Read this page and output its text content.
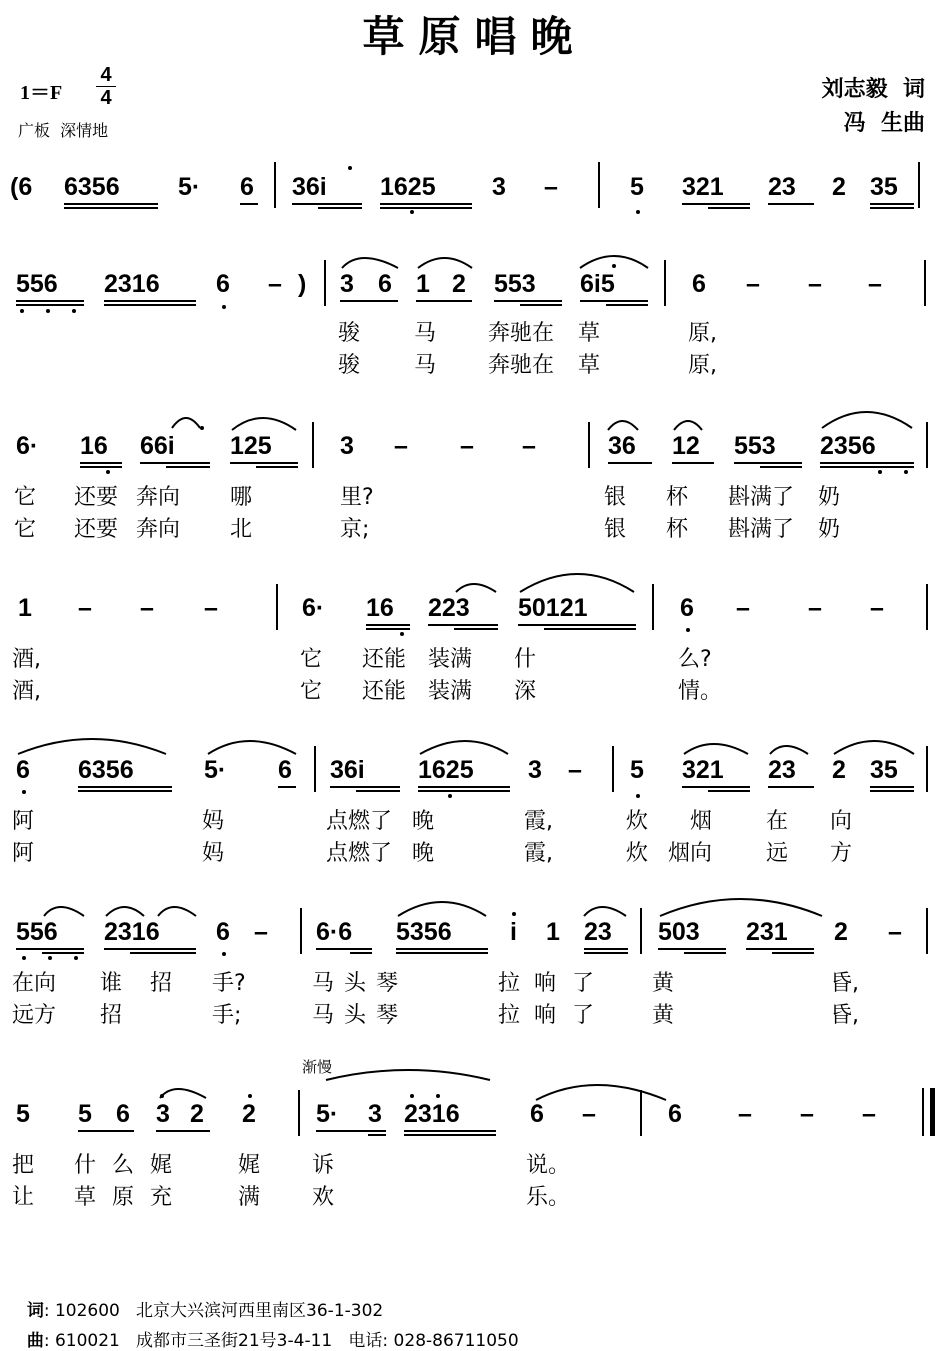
草原唱晚
1＝F
4
4
广板  深情地
刘志毅  词
冯  生曲
(6 6356 5· 6 36i 1625 3 –	5 321 23 2 35
556 2316 6 – ) 3 6 1 2 553 6i5	6 – – –
骏 马 奔驰在 草	原,
骏 马 奔驰在 草	原,
6· 16 66i 125	3 – – –	36 12 553 2356
它 还要 奔向 哪	里?	银 杯 斟满了 奶
它 还要 奔向 北	京;	银 杯 斟满了 奶
1 – – –	6· 16 223 50121	6 – – –
酒,	它 还能 装满 什	么?
酒,	它 还能 装满 深	情。
6 6356	5· 6 36i 1625 3 – 5 321 23 2 35
阿	妈	点燃了 晚	霞,	炊 烟 在 向
阿	妈	点燃了 晚	霞,	炊 烟向 远 方
556 2316 6 – 6·6 5356 i 1 23 503 231 2 –
在向 谁 招 手?	马 头 琴	拉 响 了	黄	昏,
远方 招	手;	马 头 琴	拉 响 了	黄	昏,
渐慢
5 5 6 3 2 2 5· 3 2316	6 –	6 – – –
把 什 么 娓	娓 诉	说。
让 草 原 充	满 欢	乐。

词: 102600   北京大兴滨河西里南区36-1-302

曲: 610021   成都市三圣街21号3-4-11   电话: 028-86711050
